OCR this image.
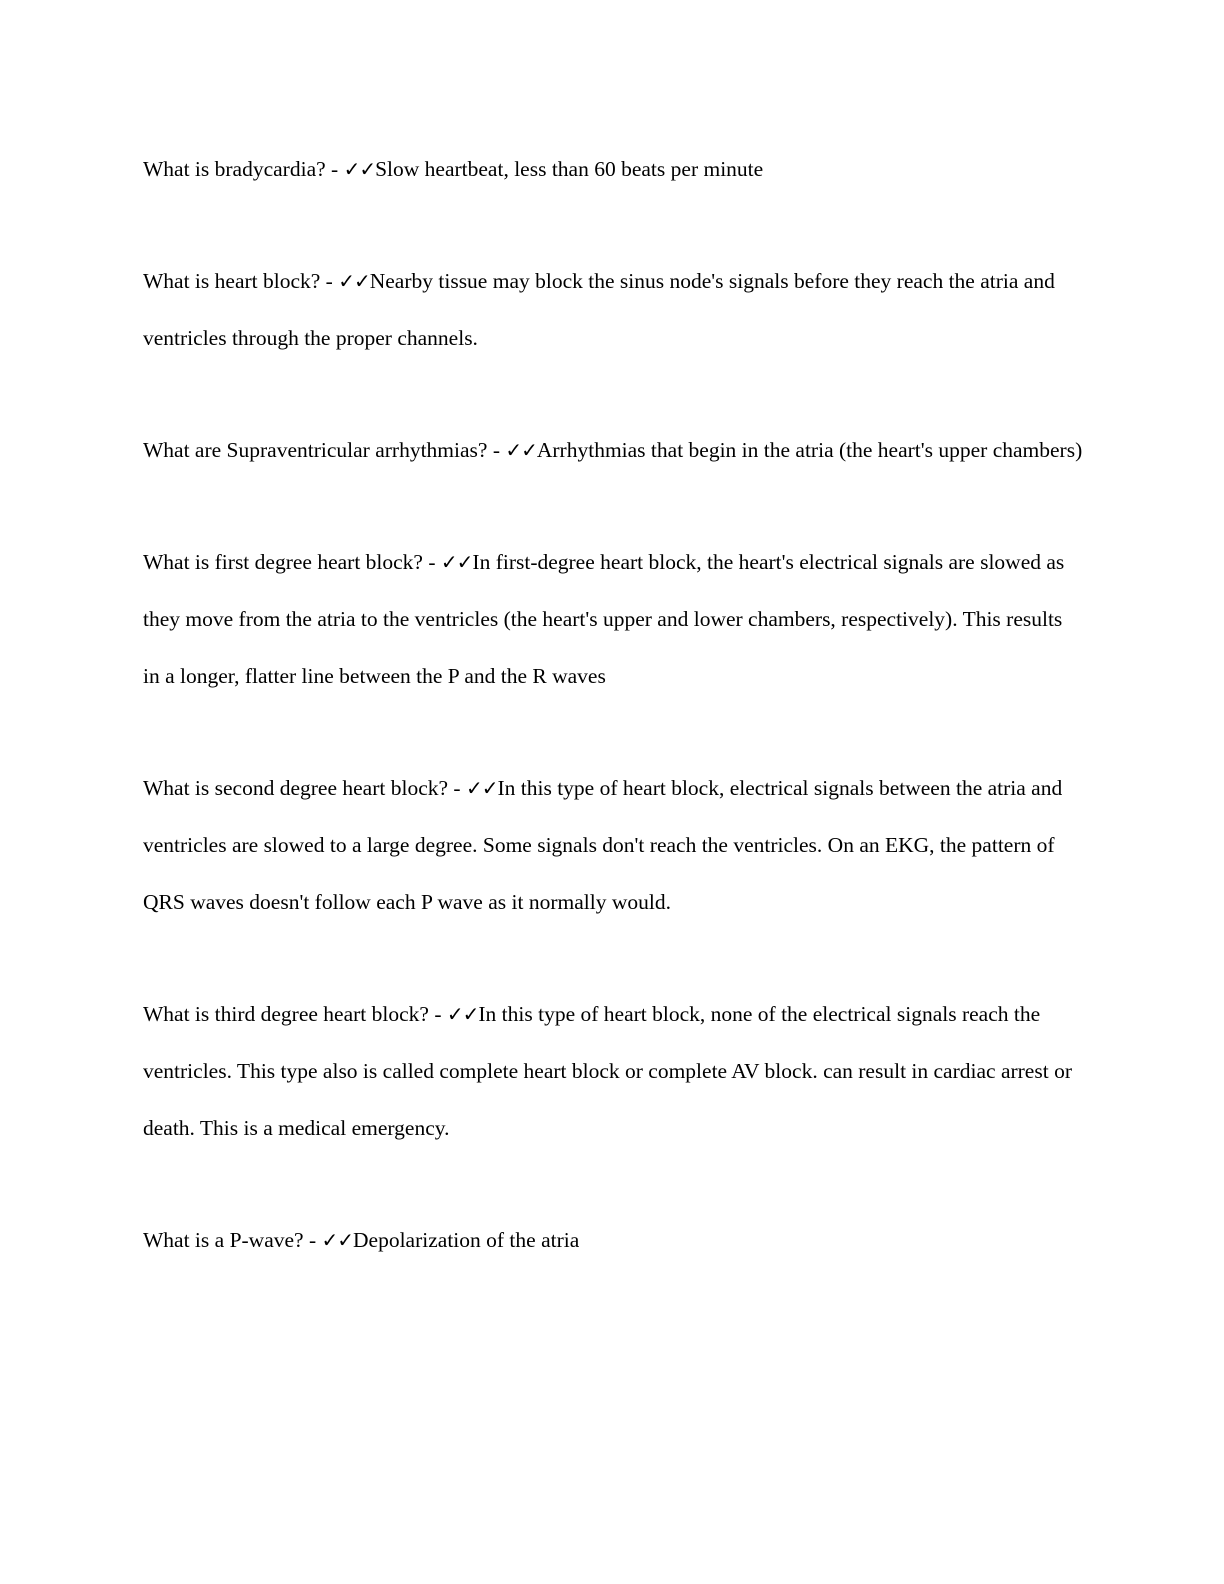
What is bradycardia? - ✓✓Slow heartbeat, less than 60 beats per minute

What is heart block? - ✓✓Nearby tissue may block the sinus node's signals before they reach the atria and ventricles through the proper channels.

What are Supraventricular arrhythmias? - ✓✓Arrhythmias that begin in the atria (the heart's upper chambers)

What is first degree heart block? - ✓✓In first-degree heart block, the heart's electrical signals are slowed as they move from the atria to the ventricles (the heart's upper and lower chambers, respectively). This results in a longer, flatter line between the P and the R waves

What is second degree heart block? - ✓✓In this type of heart block, electrical signals between the atria and ventricles are slowed to a large degree. Some signals don't reach the ventricles. On an EKG, the pattern of QRS waves doesn't follow each P wave as it normally would.

What is third degree heart block? - ✓✓In this type of heart block, none of the electrical signals reach the ventricles. This type also is called complete heart block or complete AV block. can result in cardiac arrest or death. This is a medical emergency.

What is a P-wave? - ✓✓Depolarization of the atria
